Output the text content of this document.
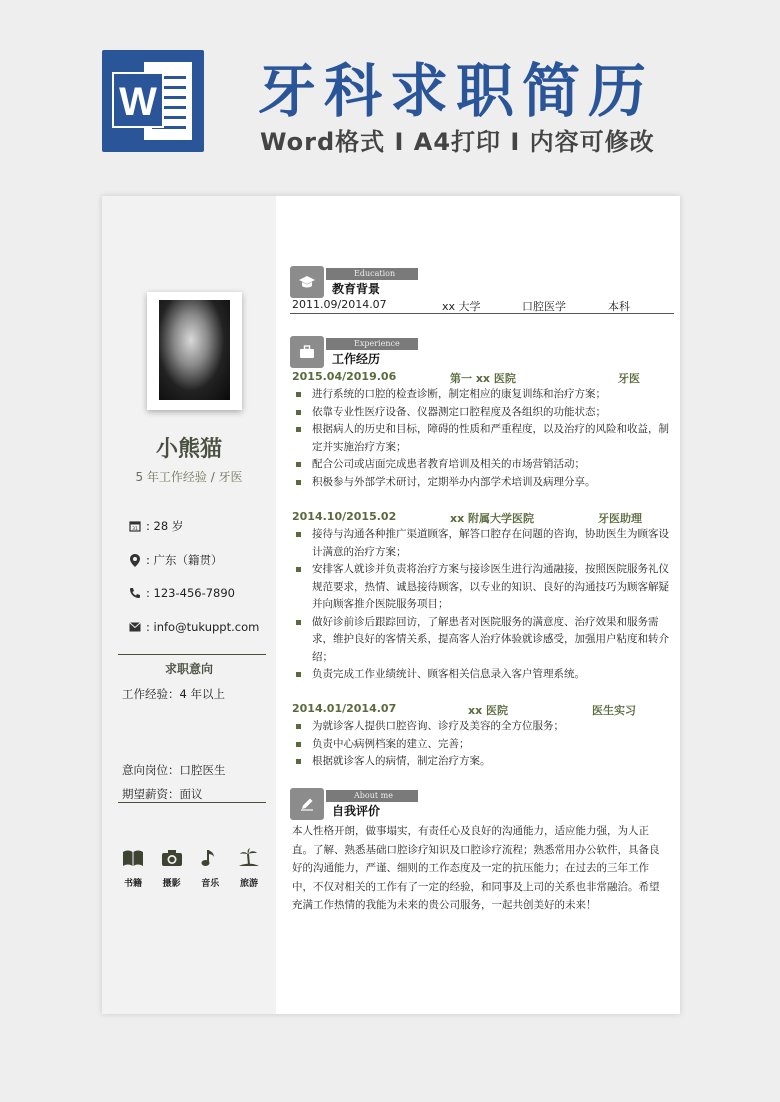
W 牙科求职简历
Word格式 I A4打印 I 内容可修改
小熊猫
5 年工作经验 / 牙医
31 : 28 岁
: 广东（籍贯）
: 123-456-7890
: info@tukuppt.com
求职意向
工作经验：4 年以上
意向岗位：口腔医生
期望薪资：面议
书籍	摄影	音乐	旅游
Education
教育背景
2011.09/2014.07	xx 大学	口腔医学	本科
Experience
工作经历
2015.04/2019.06	第一 xx 医院	牙医
进行系统的口腔的检查诊断，制定相应的康复训练和治疗方案；
依靠专业性医疗设备、仪器测定口腔程度及各组织的功能状态；
根据病人的历史和目标，障碍的性质和严重程度，以及治疗的风险和收益，制定并实施治疗方案；
配合公司或店面完成患者教育培训及相关的市场营销活动；
积极参与外部学术研讨，定期举办内部学术培训及病理分享。
2014.10/2015.02	xx 附属大学医院	牙医助理
接待与沟通各种推广渠道顾客，解答口腔存在问题的咨询，协助医生为顾客设计满意的治疗方案；
安排客人就诊并负责将治疗方案与接诊医生进行沟通融接，按照医院服务礼仪规范要求，热情、诚恳接待顾客，以专业的知识、良好的沟通技巧为顾客解疑并向顾客推介医院服务项目；
做好诊前诊后跟踪回访，了解患者对医院服务的满意度、治疗效果和服务需求，维护良好的客情关系，提高客人治疗体验就诊感受，加强用户粘度和转介绍；
负责完成工作业绩统计、顾客相关信息录入客户管理系统。
2014.01/2014.07	xx 医院	医生实习
为就诊客人提供口腔咨询、诊疗及美容的全方位服务；
负责中心病例档案的建立、完善；
根据就诊客人的病情，制定治疗方案。
About me
自我评价
本人性格开朗，做事塌实，有责任心及良好的沟通能力，适应能力强，为人正直。了解、熟悉基础口腔诊疗知识及口腔诊疗流程；熟悉常用办公软件，具备良好的沟通能力，严谨、细则的工作态度及一定的抗压能力；在过去的三年工作中，不仅对相关的工作有了一定的经验，和同事及上司的关系也非常融洽。希望充满工作热情的我能为未来的贵公司服务，一起共创美好的未来！
